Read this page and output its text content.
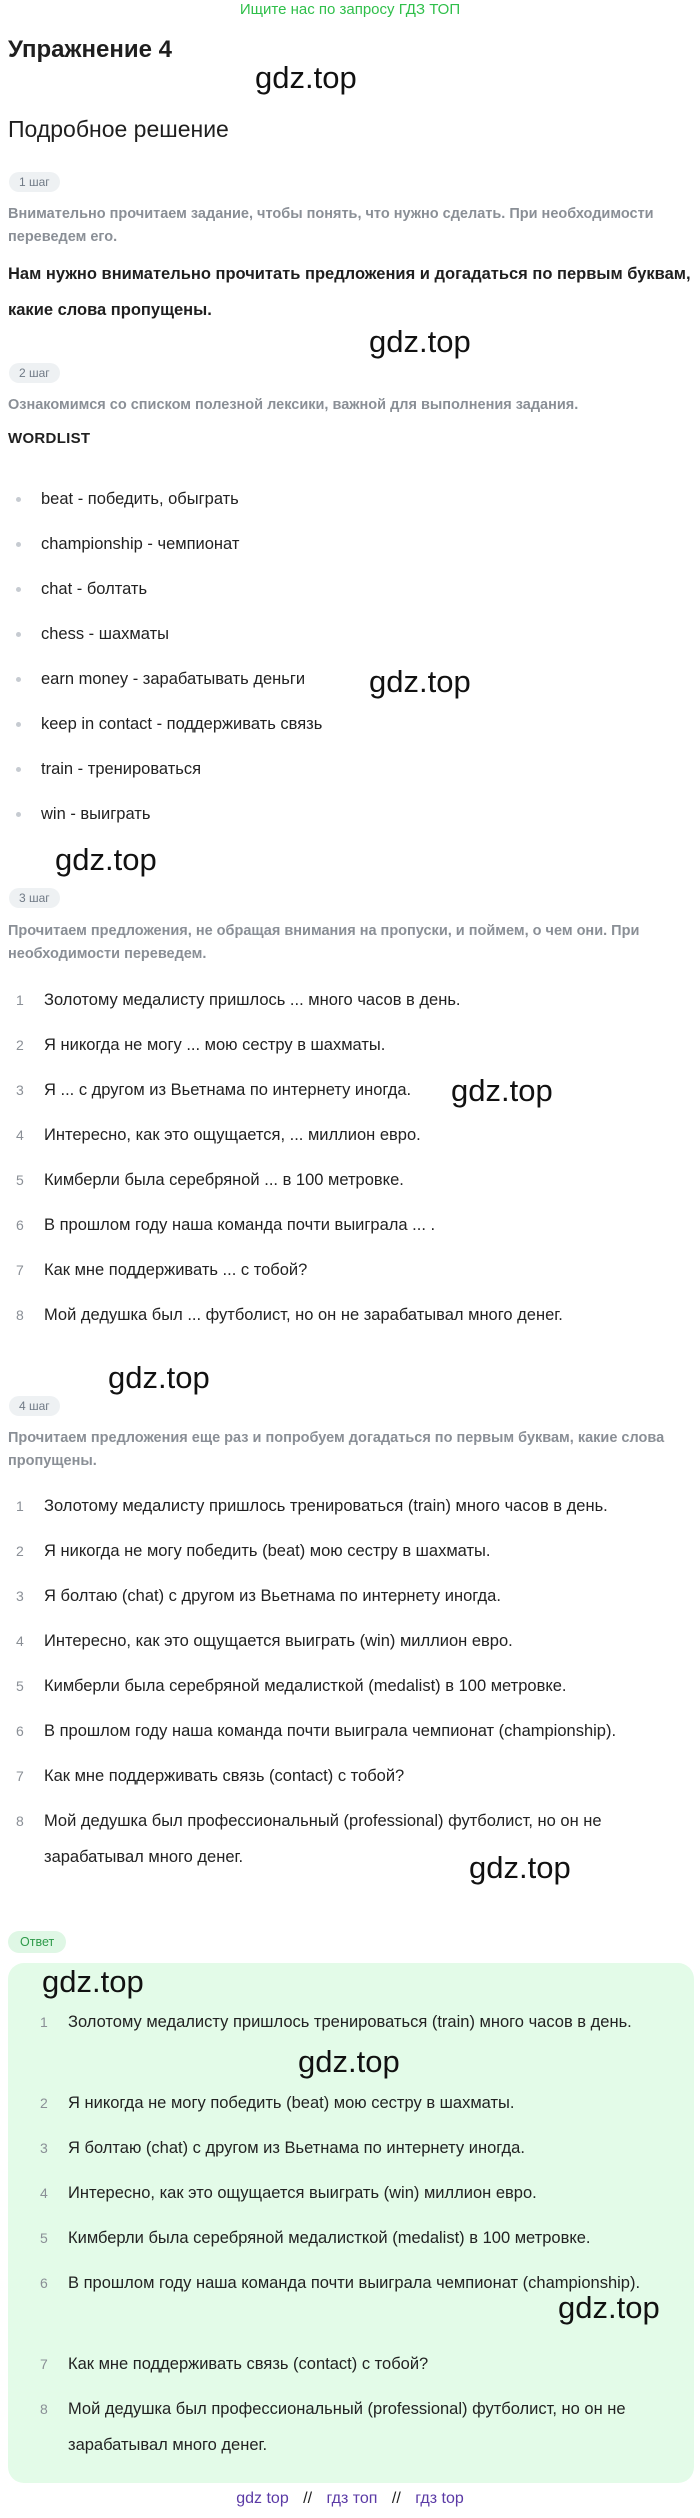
Ищите нас по запросу ГДЗ ТОП
Упражнение 4
gdz.top
Подробное решение
1 шаг
Внимательно прочитаем задание, чтобы понять, что нужно сделать. При необходимости переведем его.
Нам нужно внимательно прочитать предложения и догадаться по первым буквам, какие слова пропущены.
gdz.top
2 шаг
Ознакомимся со списком полезной лексики, важной для выполнения задания.
WORDLIST
beat - победить, обыграть
championship - чемпионат
chat - болтать
chess - шахматы
earn money - зарабатывать деньги
keep in contact - поддерживать связь
train - тренироваться
win - выиграть
gdz.top
gdz.top
3 шаг
Прочитаем предложения, не обращая внимания на пропуски, и поймем, о чем они. При необходимости переведем.
1	Золотому медалисту пришлось ... много часов в день.
2	Я никогда не могу ... мою сестру в шахматы.
3	Я ... с другом из Вьетнама по интернету иногда.
4	Интересно, как это ощущается, ... миллион евро.
5	Кимберли была серебряной ... в 100 метровке.
6	В прошлом году наша команда почти выиграла ... .
7	Как мне поддерживать ... с тобой?
8	Мой дедушка был ... футболист, но он не зарабатывал много денег.
gdz.top
gdz.top
4 шаг
Прочитаем предложения еще раз и попробуем догадаться по первым буквам, какие слова пропущены.
1	Золотому медалисту пришлось тренироваться (train) много часов в день.
2	Я никогда не могу победить (beat) мою сестру в шахматы.
3	Я болтаю (chat) с другом из Вьетнама по интернету иногда.
4	Интересно, как это ощущается выиграть (win) миллион евро.
5	Кимберли была серебряной медалисткой (medalist) в 100 метровке.
6	В прошлом году наша команда почти выиграла чемпионат (championship).
7	Как мне поддерживать связь (contact) с тобой?
8	Мой дедушка был профессиональный (professional) футболист, но он не зарабатывал много денег.	gdz.top
Ответ
gdz.top
1	Золотому медалисту пришлось тренироваться (train) много часов в день.
2	Я никогда не могу победить (beat) мою сестру в шахматы.
3	Я болтаю (chat) с другом из Вьетнама по интернету иногда.
4	Интересно, как это ощущается выиграть (win) миллион евро.
5	Кимберли была серебряной медалисткой (medalist) в 100 метровке.
6	В прошлом году наша команда почти выиграла чемпионат (championship).
7	Как мне поддерживать связь (contact) с тобой?
8	Мой дедушка был профессиональный (professional) футболист, но он не зарабатывал много денег.
gdz.top
gdz.top
gdz top // гдз топ // гдз top
